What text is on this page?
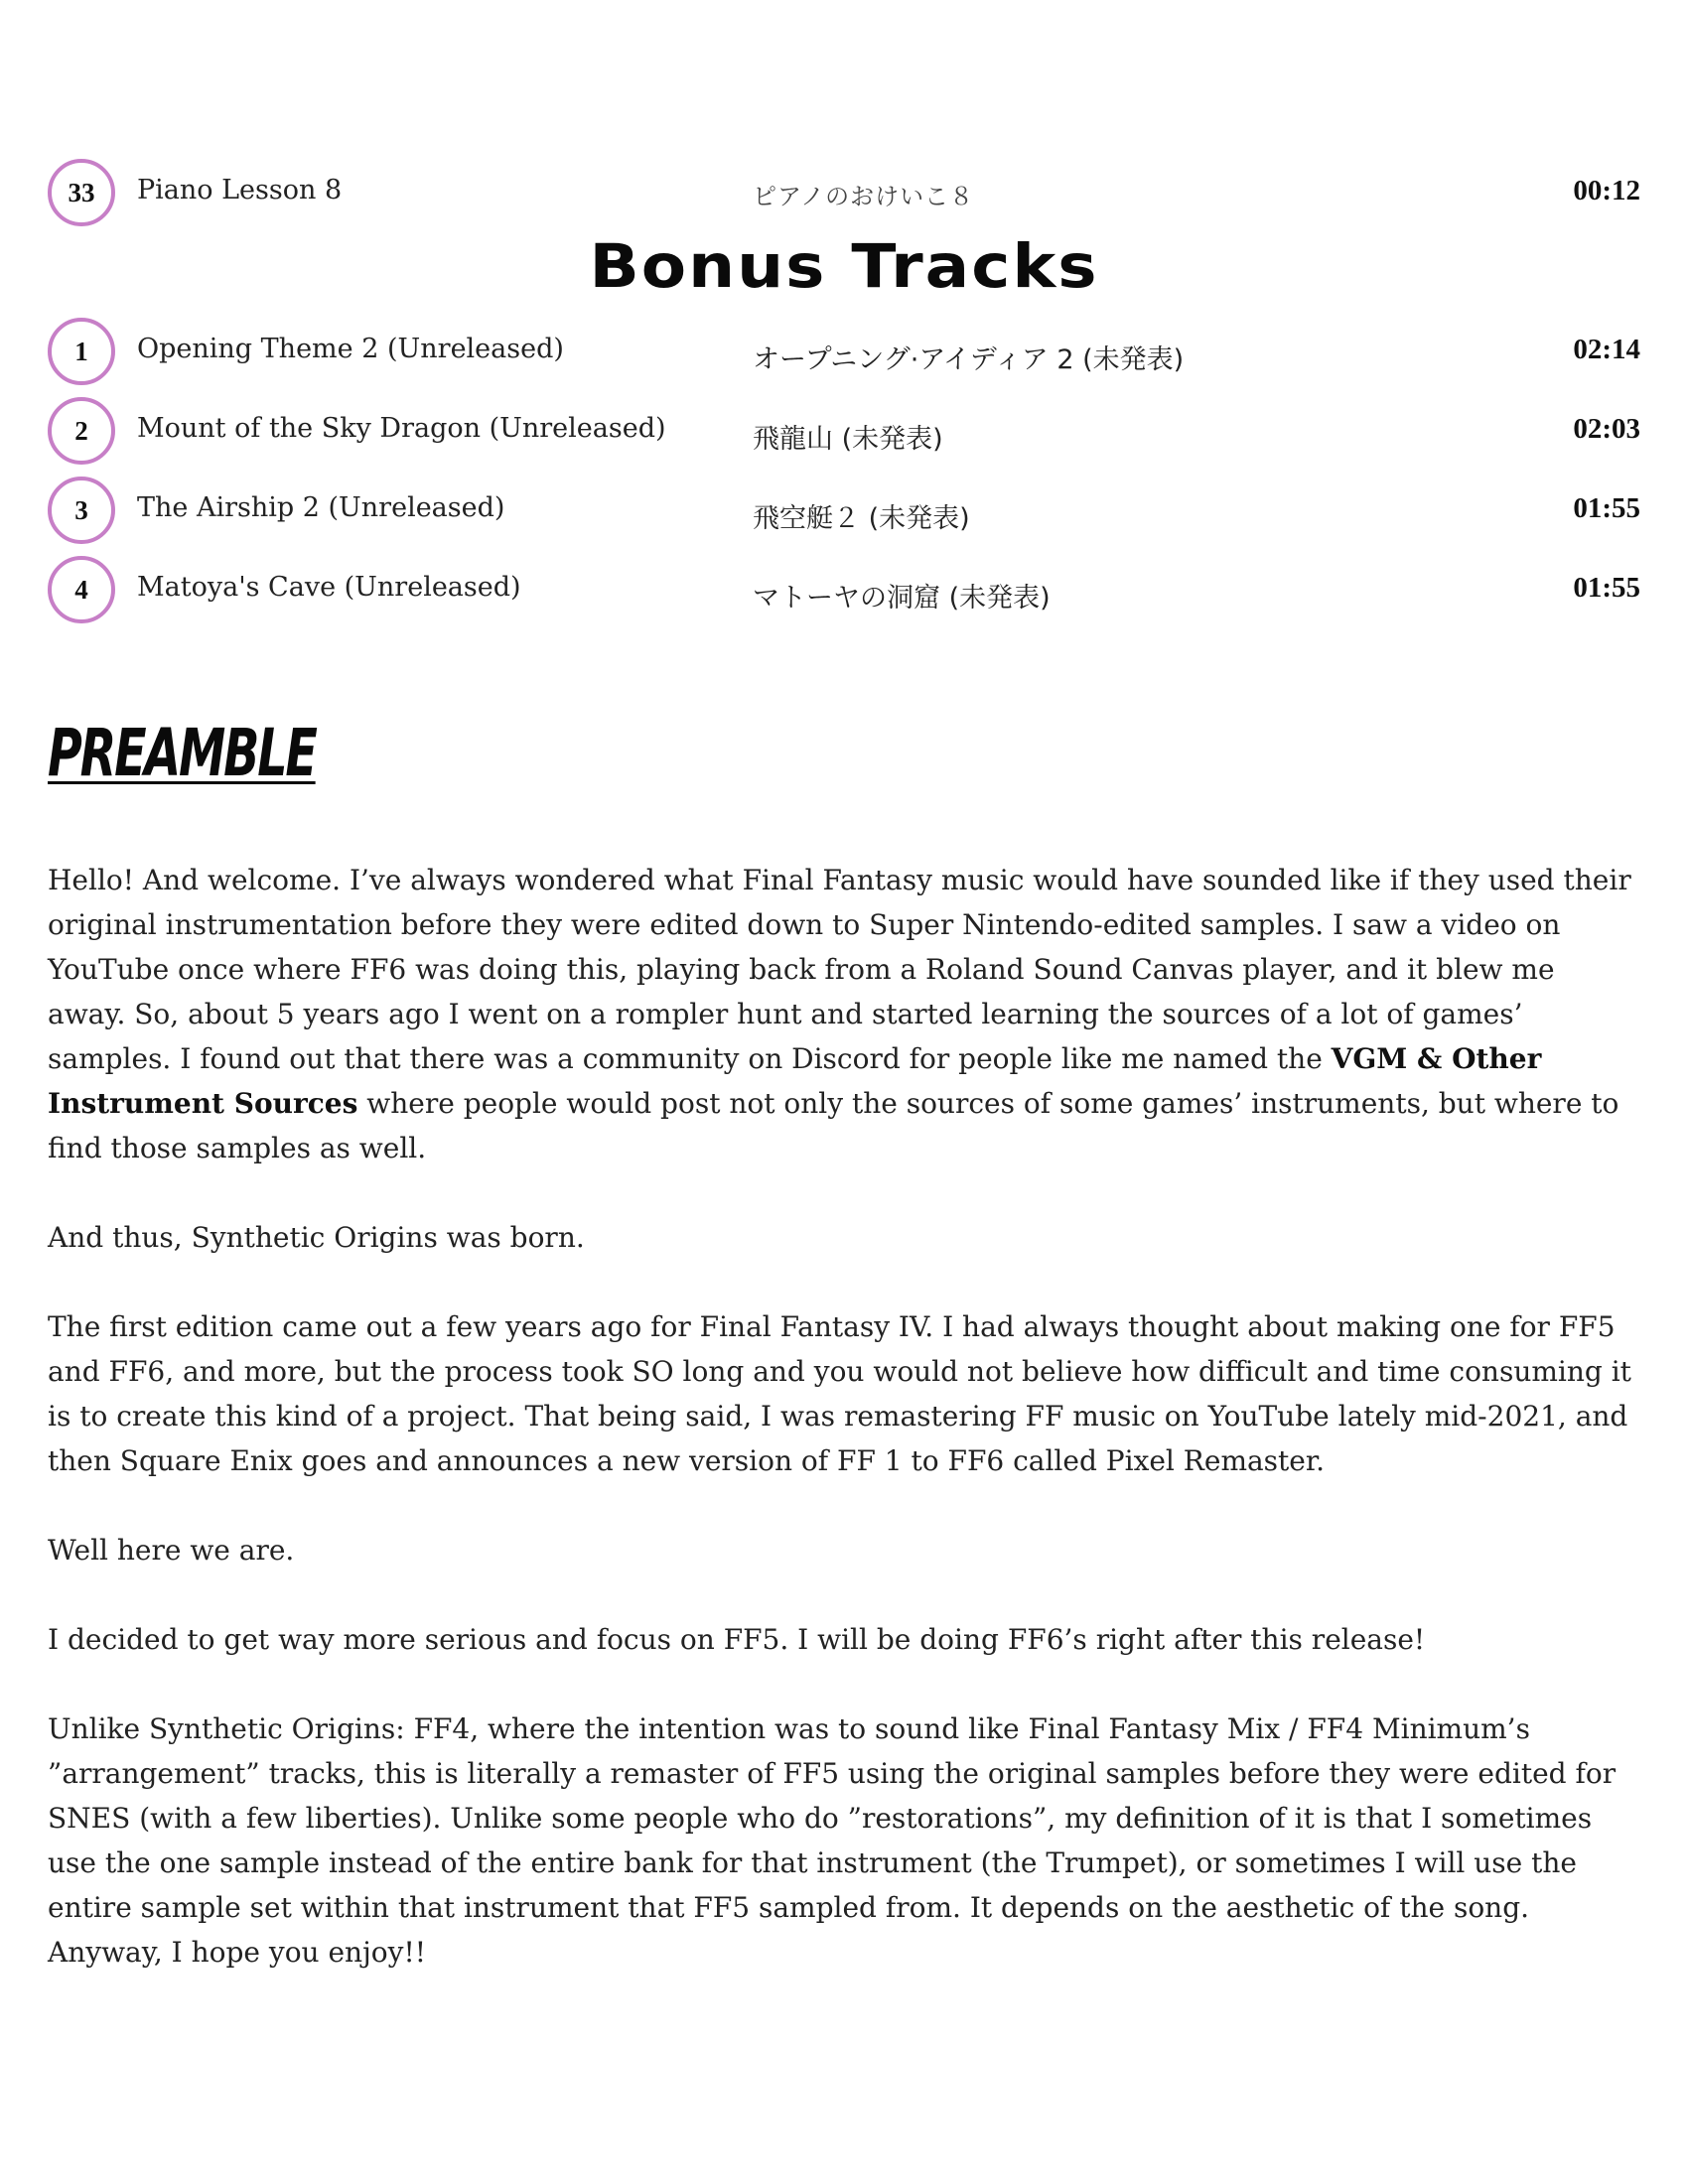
33	Piano Lesson 8	ピアノのおけいこ８	00:12
Bonus Tracks
1	Opening Theme 2 (Unreleased)	オープニング·アイディア 2 (未発表)	02:14
2	Mount of the Sky Dragon (Unreleased)	飛龍山 (未発表)	02:03
3	The Airship 2 (Unreleased)	飛空艇２ (未発表)	01:55
4	Matoya's Cave (Unreleased)	マトーヤの洞窟 (未発表)	01:55
PREAMBLE

Hello! And welcome. I’ve always wondered what Final Fantasy music would have sounded like if they used their original instrumentation before they were edited down to Super Nintendo-edited samples. I saw a video on YouTube once where FF6 was doing this, playing back from a Roland Sound Canvas player, and it blew me away. So, about 5 years ago I went on a rompler hunt and started learning the sources of a lot of games’ samples. I found out that there was a community on Discord for people like me named the VGM & Other Instrument Sources where people would post not only the sources of some games’ instruments, but where to find those samples as well.

And thus, Synthetic Origins was born.

The first edition came out a few years ago for Final Fantasy IV. I had always thought about making one for FF5 and FF6, and more, but the process took SO long and you would not believe how difficult and time consuming it is to create this kind of a project. That being said, I was remastering FF music on YouTube lately mid-2021, and then Square Enix goes and announces a new version of FF 1 to FF6 called Pixel Remaster.

Well here we are.

I decided to get way more serious and focus on FF5. I will be doing FF6’s right after this release!

Unlike Synthetic Origins: FF4, where the intention was to sound like Final Fantasy Mix / FF4 Minimum’s ”arrangement” tracks, this is literally a remaster of FF5 using the original samples before they were edited for SNES (with a few liberties). Unlike some people who do ”restorations”, my definition of it is that I sometimes use the one sample instead of the entire bank for that instrument (the Trumpet), or sometimes I will use the entire sample set within that instrument that FF5 sampled from. It depends on the aesthetic of the song. Anyway, I hope you enjoy!!
